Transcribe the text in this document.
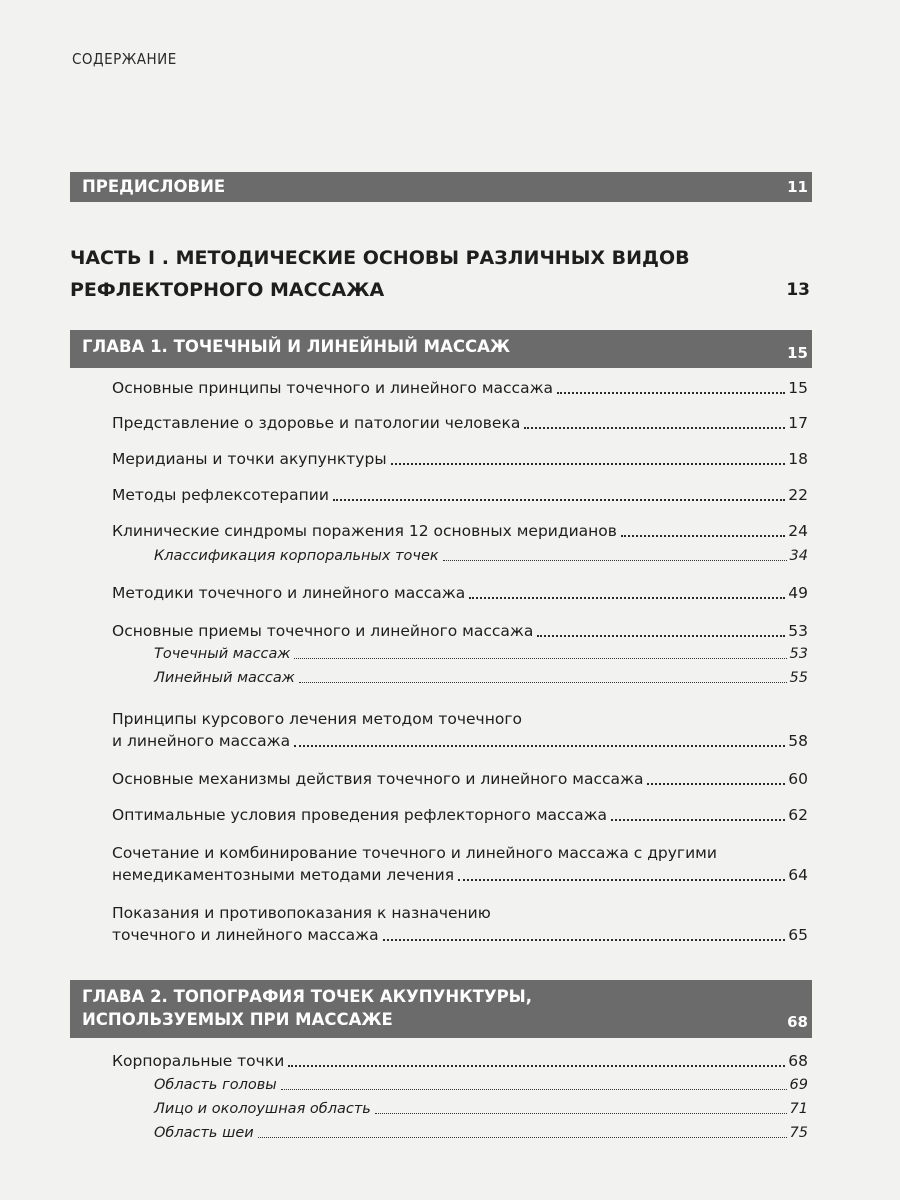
СОДЕРЖАНИЕ
ПРЕДИСЛОВИЕ	11
ЧАСТЬ I . МЕТОДИЧЕСКИЕ ОСНОВЫ РАЗЛИЧНЫХ ВИДОВ
РЕФЛЕКТОРНОГО МАССАЖА	13
ГЛАВА 1. ТОЧЕЧНЫЙ И ЛИНЕЙНЫЙ МАССАЖ	15
Основные принципы точечного и линейного массажа	15
Представление о здоровье и патологии человека	17
Меридианы и точки акупунктуры	18
Методы рефлексотерапии	22
Клинические синдромы поражения 12 основных меридианов	24
Классификация корпоральных точек	34
Методики точечного и линейного массажа	49
Основные приемы точечного и линейного массажа	53
Точечный массаж	53
Линейный массаж	55
Принципы курсового лечения методом точечного
и линейного массажа	58
Основные механизмы действия точечного и линейного массажа	60
Оптимальные условия проведения рефлекторного массажа	62
Сочетание и комбинирование точечного и линейного массажа с другими
немедикаментозными методами лечения	64
Показания и противопоказания к назначению
точечного и линейного массажа	65
ГЛАВА 2. ТОПОГРАФИЯ ТОЧЕК АКУПУНКТУРЫ,
ИСПОЛЬЗУЕМЫХ ПРИ МАССАЖЕ	68
Корпоральные точки	68
Область головы	69
Лицо и околоушная область	71
Область шеи	75
